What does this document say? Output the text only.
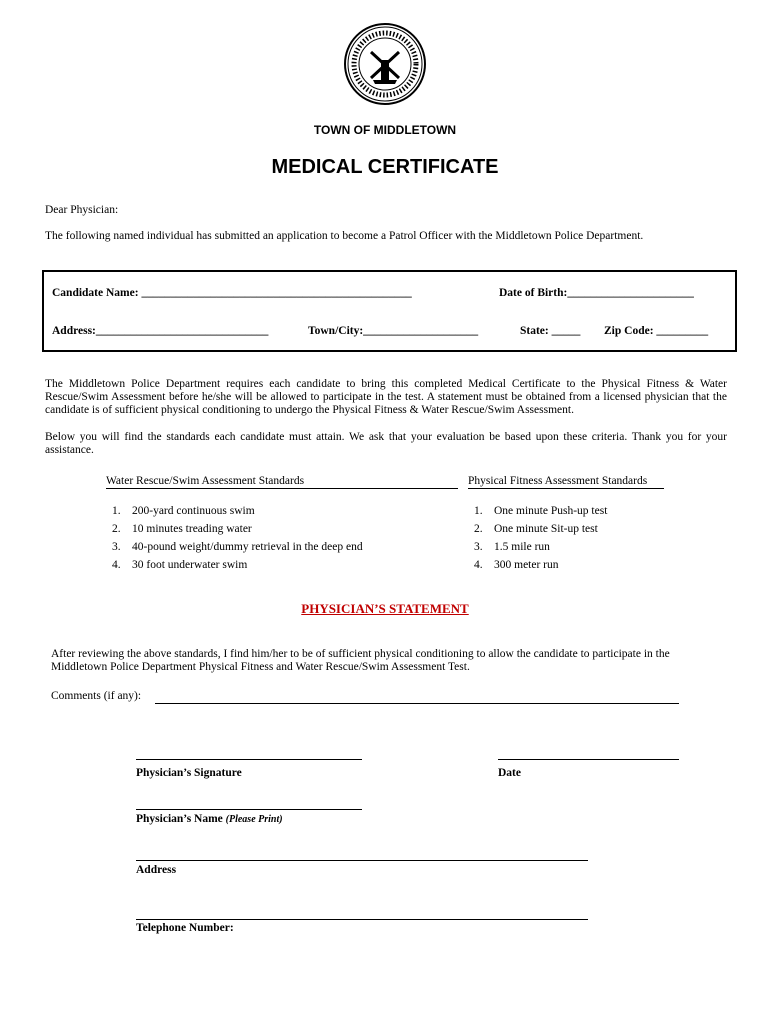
TOWN OF MIDDLETOWN
MEDICAL CERTIFICATE
Dear Physician:
The following named individual has submitted an application to become a Patrol Officer with the Middletown Police Department.
Candidate Name: _______________________________________________	Date of Birth:______________________
Address:______________________________	Town/City:____________________	State: _____ Zip Code: _________
The Middletown Police Department requires each candidate to bring this completed Medical Certificate to the Physical Fitness & Water Rescue/Swim Assessment before he/she will be allowed to participate in the test. A statement must be obtained from a licensed physician that the candidate is of sufficient physical conditioning to undergo the Physical Fitness & Water Rescue/Swim Assessment.
Below you will find the standards each candidate must attain. We ask that your evaluation be based upon these criteria. Thank you for your assistance.
Water Rescue/Swim Assessment Standards	Physical Fitness Assessment Standards
1. 200-yard continuous swim
2. 10 minutes treading water
3. 40-pound weight/dummy retrieval in the deep end
4. 30 foot underwater swim
1. One minute Push-up test
2. One minute Sit-up test
3. 1.5 mile run
4. 300 meter run
PHYSICIAN’S STATEMENT
After reviewing the above standards, I find him/her to be of sufficient physical conditioning to allow the candidate to participate in the Middletown Police Department Physical Fitness and Water Rescue/Swim Assessment Test.
Comments (if any):
Physician’s Signature	Date
Physician’s Name (Please Print)
Address
Telephone Number:
